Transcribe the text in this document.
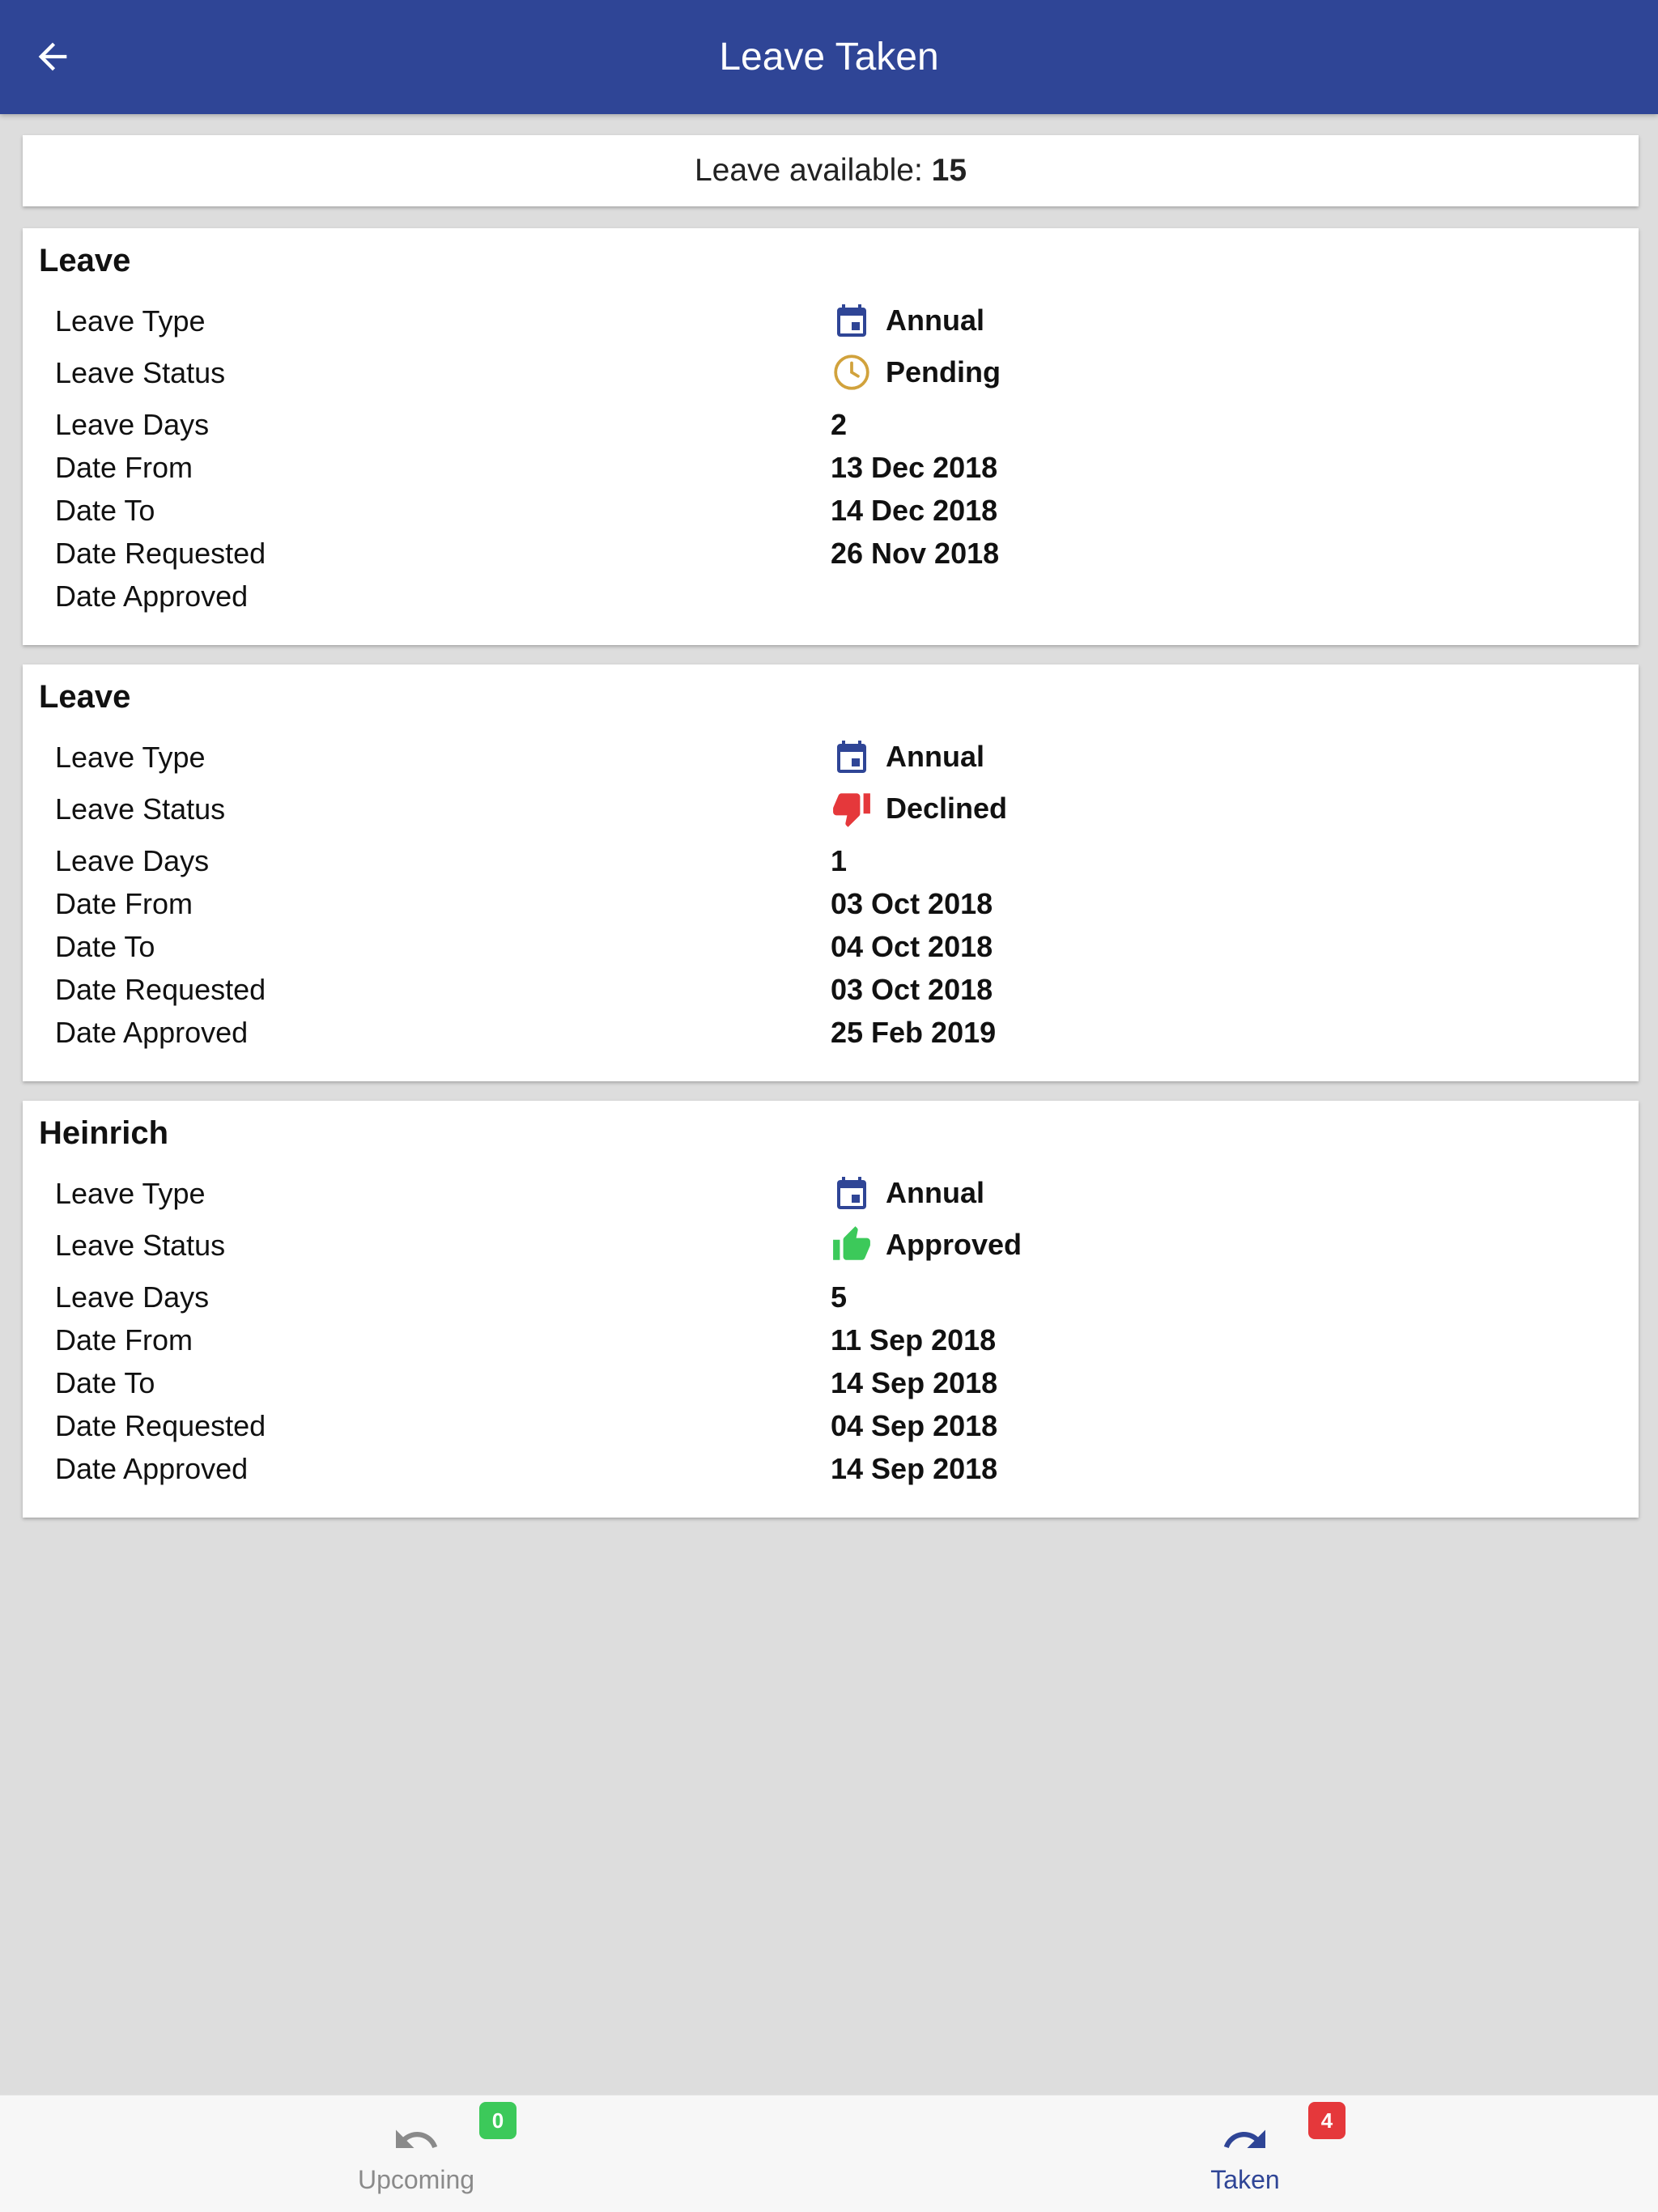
Leave Taken
Leave available: 15
Leave
Leave Type	Annual
Leave Status	Pending
Leave Days	2
Date From	13 Dec 2018
Date To	14 Dec 2018
Date Requested	26 Nov 2018
Date Approved
Leave
Leave Type	Annual
Leave Status	Declined
Leave Days	1
Date From	03 Oct 2018
Date To	04 Oct 2018
Date Requested	03 Oct 2018
Date Approved	25 Feb 2019
Heinrich
Leave Type	Annual
Leave Status	Approved
Leave Days	5
Date From	11 Sep 2018
Date To	14 Sep 2018
Date Requested	04 Sep 2018
Date Approved	14 Sep 2018
Upcoming
0
Taken
4
